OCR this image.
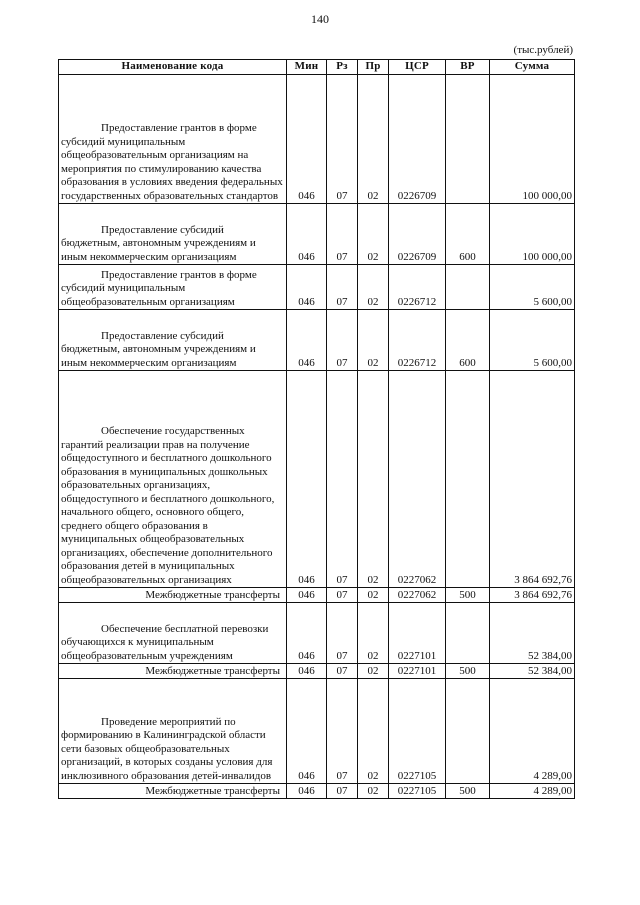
140
(тыс.рублей)
Наименование кода	Мин	Рз	Пр	ЦСР	ВР	Сумма
Предоставление грантов в форме субсидий муниципальным общеобразовательным организациям на мероприятия по стимулированию качества образования в условиях введения федеральных государственных образовательных стандартов	046	07	02	0226709		100 000,00
Предоставление субсидий бюджетным, автономным учреждениям и иным некоммерческим организациям	046	07	02	0226709	600	100 000,00
Предоставление грантов в форме субсидий муниципальным общеобразовательным организациям	046	07	02	0226712		5 600,00
Предоставление субсидий бюджетным, автономным учреждениям и иным некоммерческим организациям	046	07	02	0226712	600	5 600,00
Обеспечение государственных гарантий реализации прав на получение общедоступного и бесплатного дошкольного образования в муниципальных дошкольных образовательных организациях, общедоступного и бесплатного дошкольного, начального общего, основного общего, среднего общего образования в муниципальных общеобразовательных организациях, обеспечение дополнительного образования детей в муниципальных общеобразовательных организациях	046	07	02	0227062		3 864 692,76
Межбюджетные трансферты	046	07	02	0227062	500	3 864 692,76
Обеспечение бесплатной перевозки обучающихся к муниципальным общеобразовательным учреждениям	046	07	02	0227101		52 384,00
Межбюджетные трансферты	046	07	02	0227101	500	52 384,00
Проведение мероприятий по формированию в Калининградской области сети базовых общеобразовательных организаций, в которых созданы условия для инклюзивного образования детей-инвалидов	046	07	02	0227105		4 289,00
Межбюджетные трансферты	046	07	02	0227105	500	4 289,00
